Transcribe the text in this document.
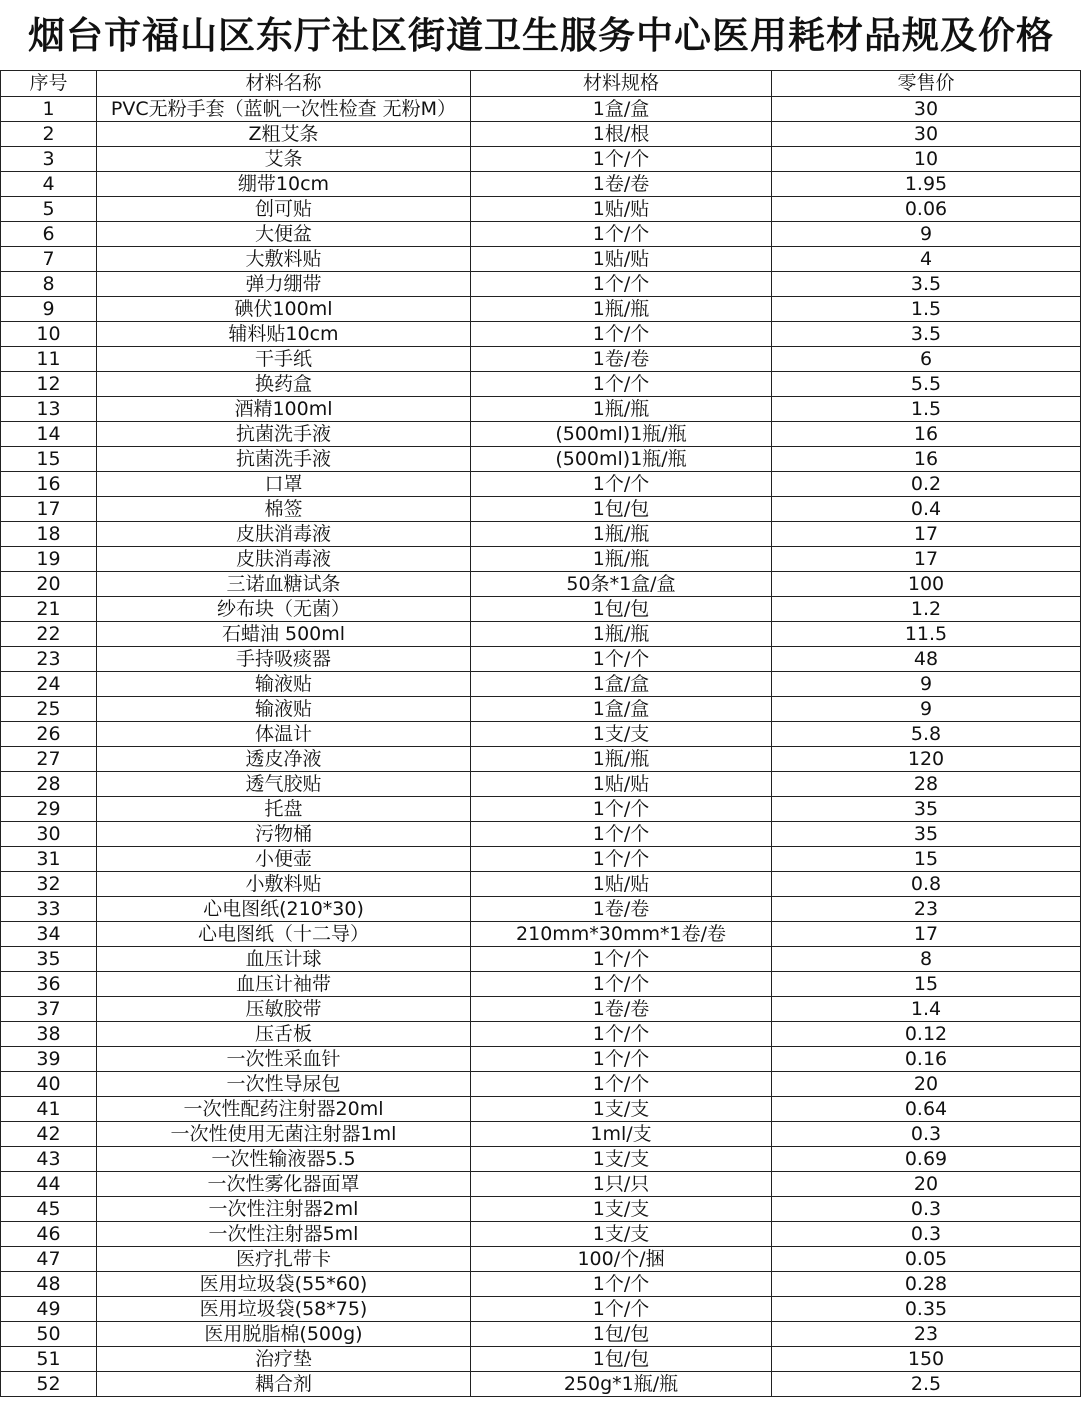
烟台市福山区东厅社区街道卫生服务中心医用耗材品规及价格
序号	材料名称	材料规格	零售价
1	PVC无粉手套（蓝帆一次性检查 无粉M）	1盒/盒	30
2	Z粗艾条	1根/根	30
3	艾条	1个/个	10
4	绷带10cm	1卷/卷	1.95
5	创可贴	1贴/贴	0.06
6	大便盆	1个/个	9
7	大敷料贴	1贴/贴	4
8	弹力绷带	1个/个	3.5
9	碘伏100ml	1瓶/瓶	1.5
10	辅料贴10cm	1个/个	3.5
11	干手纸	1卷/卷	6
12	换药盒	1个/个	5.5
13	酒精100ml	1瓶/瓶	1.5
14	抗菌洗手液	(500ml)1瓶/瓶	16
15	抗菌洗手液	(500ml)1瓶/瓶	16
16	口罩	1个/个	0.2
17	棉签	1包/包	0.4
18	皮肤消毒液	1瓶/瓶	17
19	皮肤消毒液	1瓶/瓶	17
20	三诺血糖试条	50条*1盒/盒	100
21	纱布块（无菌）	1包/包	1.2
22	石蜡油 500ml	1瓶/瓶	11.5
23	手持吸痰器	1个/个	48
24	输液贴	1盒/盒	9
25	输液贴	1盒/盒	9
26	体温计	1支/支	5.8
27	透皮净液	1瓶/瓶	120
28	透气胶贴	1贴/贴	28
29	托盘	1个/个	35
30	污物桶	1个/个	35
31	小便壶	1个/个	15
32	小敷料贴	1贴/贴	0.8
33	心电图纸(210*30)	1卷/卷	23
34	心电图纸（十二导）	210mm*30mm*1卷/卷	17
35	血压计球	1个/个	8
36	血压计袖带	1个/个	15
37	压敏胶带	1卷/卷	1.4
38	压舌板	1个/个	0.12
39	一次性采血针	1个/个	0.16
40	一次性导尿包	1个/个	20
41	一次性配药注射器20ml	1支/支	0.64
42	一次性使用无菌注射器1ml	1ml/支	0.3
43	一次性输液器5.5	1支/支	0.69
44	一次性雾化器面罩	1只/只	20
45	一次性注射器2ml	1支/支	0.3
46	一次性注射器5ml	1支/支	0.3
47	医疗扎带卡	100/个/捆	0.05
48	医用垃圾袋(55*60)	1个/个	0.28
49	医用垃圾袋(58*75)	1个/个	0.35
50	医用脱脂棉(500g)	1包/包	23
51	治疗垫	1包/包	150
52	耦合剂	250g*1瓶/瓶	2.5
